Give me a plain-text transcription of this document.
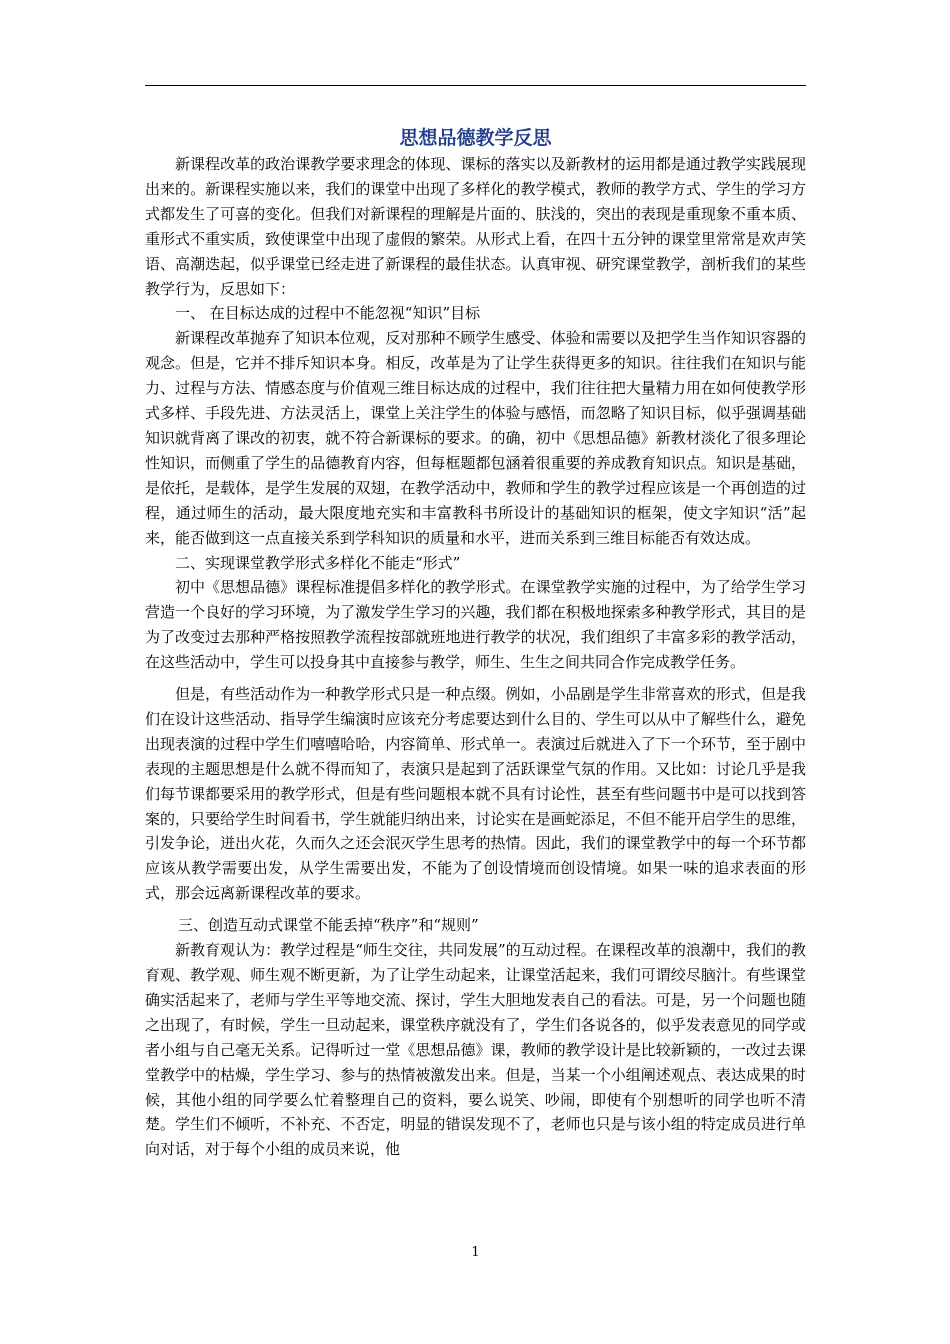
思想品德教学反思

新课程改革的政治课教学要求理念的体现、课标的落实以及新教材的运用都是通过教学实践展现出来的。新课程实施以来，我们的课堂中出现了多样化的教学模式，教师的教学方式、学生的学习方式都发生了可喜的变化。但我们对新课程的理解是片面的、肤浅的，突出的表现是重现象不重本质、重形式不重实质，致使课堂中出现了虚假的繁荣。从形式上看，在四十五分钟的课堂里常常是欢声笑语、高潮迭起，似乎课堂已经走进了新课程的最佳状态。认真审视、研究课堂教学，剖析我们的某些教学行为，反思如下：

一、 在目标达成的过程中不能忽视“知识”目标

新课程改革抛弃了知识本位观，反对那种不顾学生感受、体验和需要以及把学生当作知识容器的观念。但是，它并不排斥知识本身。相反，改革是为了让学生获得更多的知识。往往我们在知识与能力、过程与方法、情感态度与价值观三维目标达成的过程中，我们往往把大量精力用在如何使教学形式多样、手段先进、方法灵活上，课堂上关注学生的体验与感悟，而忽略了知识目标，似乎强调基础知识就背离了课改的初衷，就不符合新课标的要求。的确，初中《思想品德》新教材淡化了很多理论性知识，而侧重了学生的品德教育内容，但每框题都包涵着很重要的养成教育知识点。知识是基础，是依托，是载体，是学生发展的双翅，在教学活动中，教师和学生的教学过程应该是一个再创造的过程，通过师生的活动，最大限度地充实和丰富教科书所设计的基础知识的框架，使文字知识“活”起来，能否做到这一点直接关系到学科知识的质量和水平，进而关系到三维目标能否有效达成。

二、实现课堂教学形式多样化不能走“形式”

初中《思想品德》课程标准提倡多样化的教学形式。在课堂教学实施的过程中，为了给学生学习营造一个良好的学习环境，为了激发学生学习的兴趣，我们都在积极地探索多种教学形式，其目的是为了改变过去那种严格按照教学流程按部就班地进行教学的状况，我们组织了丰富多彩的教学活动，在这些活动中，学生可以投身其中直接参与教学，师生、生生之间共同合作完成教学任务。

但是，有些活动作为一种教学形式只是一种点缀。例如，小品剧是学生非常喜欢的形式，但是我们在设计这些活动、指导学生编演时应该充分考虑要达到什么目的、学生可以从中了解些什么，避免出现表演的过程中学生们嘻嘻哈哈，内容简单、形式单一。表演过后就进入了下一个环节，至于剧中表现的主题思想是什么就不得而知了，表演只是起到了活跃课堂气氛的作用。又比如：讨论几乎是我们每节课都要采用的教学形式，但是有些问题根本就不具有讨论性，甚至有些问题书中是可以找到答案的，只要给学生时间看书，学生就能归纳出来，讨论实在是画蛇添足，不但不能开启学生的思维，引发争论，迸出火花，久而久之还会泯灭学生思考的热情。因此，我们的课堂教学中的每一个环节都应该从教学需要出发，从学生需要出发，不能为了创设情境而创设情境。如果一味的追求表面的形式，那会远离新课程改革的要求。

三、创造互动式课堂不能丢掉“秩序”和“规则”

新教育观认为：教学过程是“师生交往，共同发展”的互动过程。在课程改革的浪潮中，我们的教育观、教学观、师生观不断更新，为了让学生动起来，让课堂活起来，我们可谓绞尽脑汁。有些课堂确实活起来了，老师与学生平等地交流、探讨，学生大胆地发表自己的看法。可是，另一个问题也随之出现了，有时候，学生一旦动起来，课堂秩序就没有了，学生们各说各的，似乎发表意见的同学或者小组与自己毫无关系。记得听过一堂《思想品德》课，教师的教学设计是比较新颖的，一改过去课堂教学中的枯燥，学生学习、参与的热情被激发出来。但是，当某一个小组阐述观点、表达成果的时候，其他小组的同学要么忙着整理自己的资料，要么说笑、吵闹，即使有个别想听的同学也听不清楚。学生们不倾听，不补充、不否定，明显的错误发现不了，老师也只是与该小组的特定成员进行单向对话，对于每个小组的成员来说，他

1
